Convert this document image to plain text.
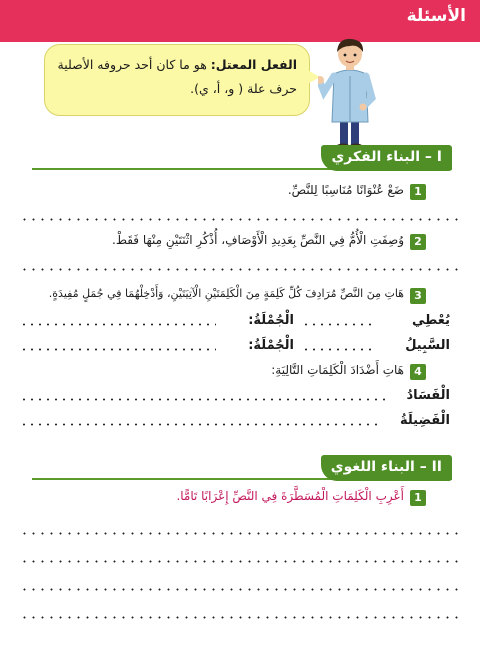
الأسئلة
الفعل المعتل: هو ما كان أحد حروفه الأصلية
حرف علة ( و، أ، ي).
I – البناء الفكري
1
ضَعْ عُنْوَانًا مُنَاسِبًا لِلنَّصِّ.
2
وُصِفَتِ الْأُمُّ فِي النَّصِّ بِعَدِيدِ الْأَوْصَافِ، أُذْكُرِ اثْنَتَيْنِ مِنْهَا فَقَطْ.
3
هَاتِ مِنَ النَّصِّ مُرَادِفَ كُلِّ كَلِمَةٍ مِنَ الْكَلِمَتَيْنِ الْآتِيَتَيْنِ، وَأَدْخِلْهُمَا فِي جُمَلٍ مُفِيدَةٍ.
يُعْطِي
الْجُمْلَةُ:
السَّبِيلُ
الْجُمْلَةُ:
4
هَاتِ أَضْدَادَ الْكَلِمَاتِ التَّالِيَةِ:
الْفَسَادُ
الْفَضِيلَةُ
II – البناء اللغوي
1
أَعْرِبِ الْكَلِمَاتِ الْمُسَطَّرَةَ فِي النَّصِّ إِعْرَابًا تَامًّا.
